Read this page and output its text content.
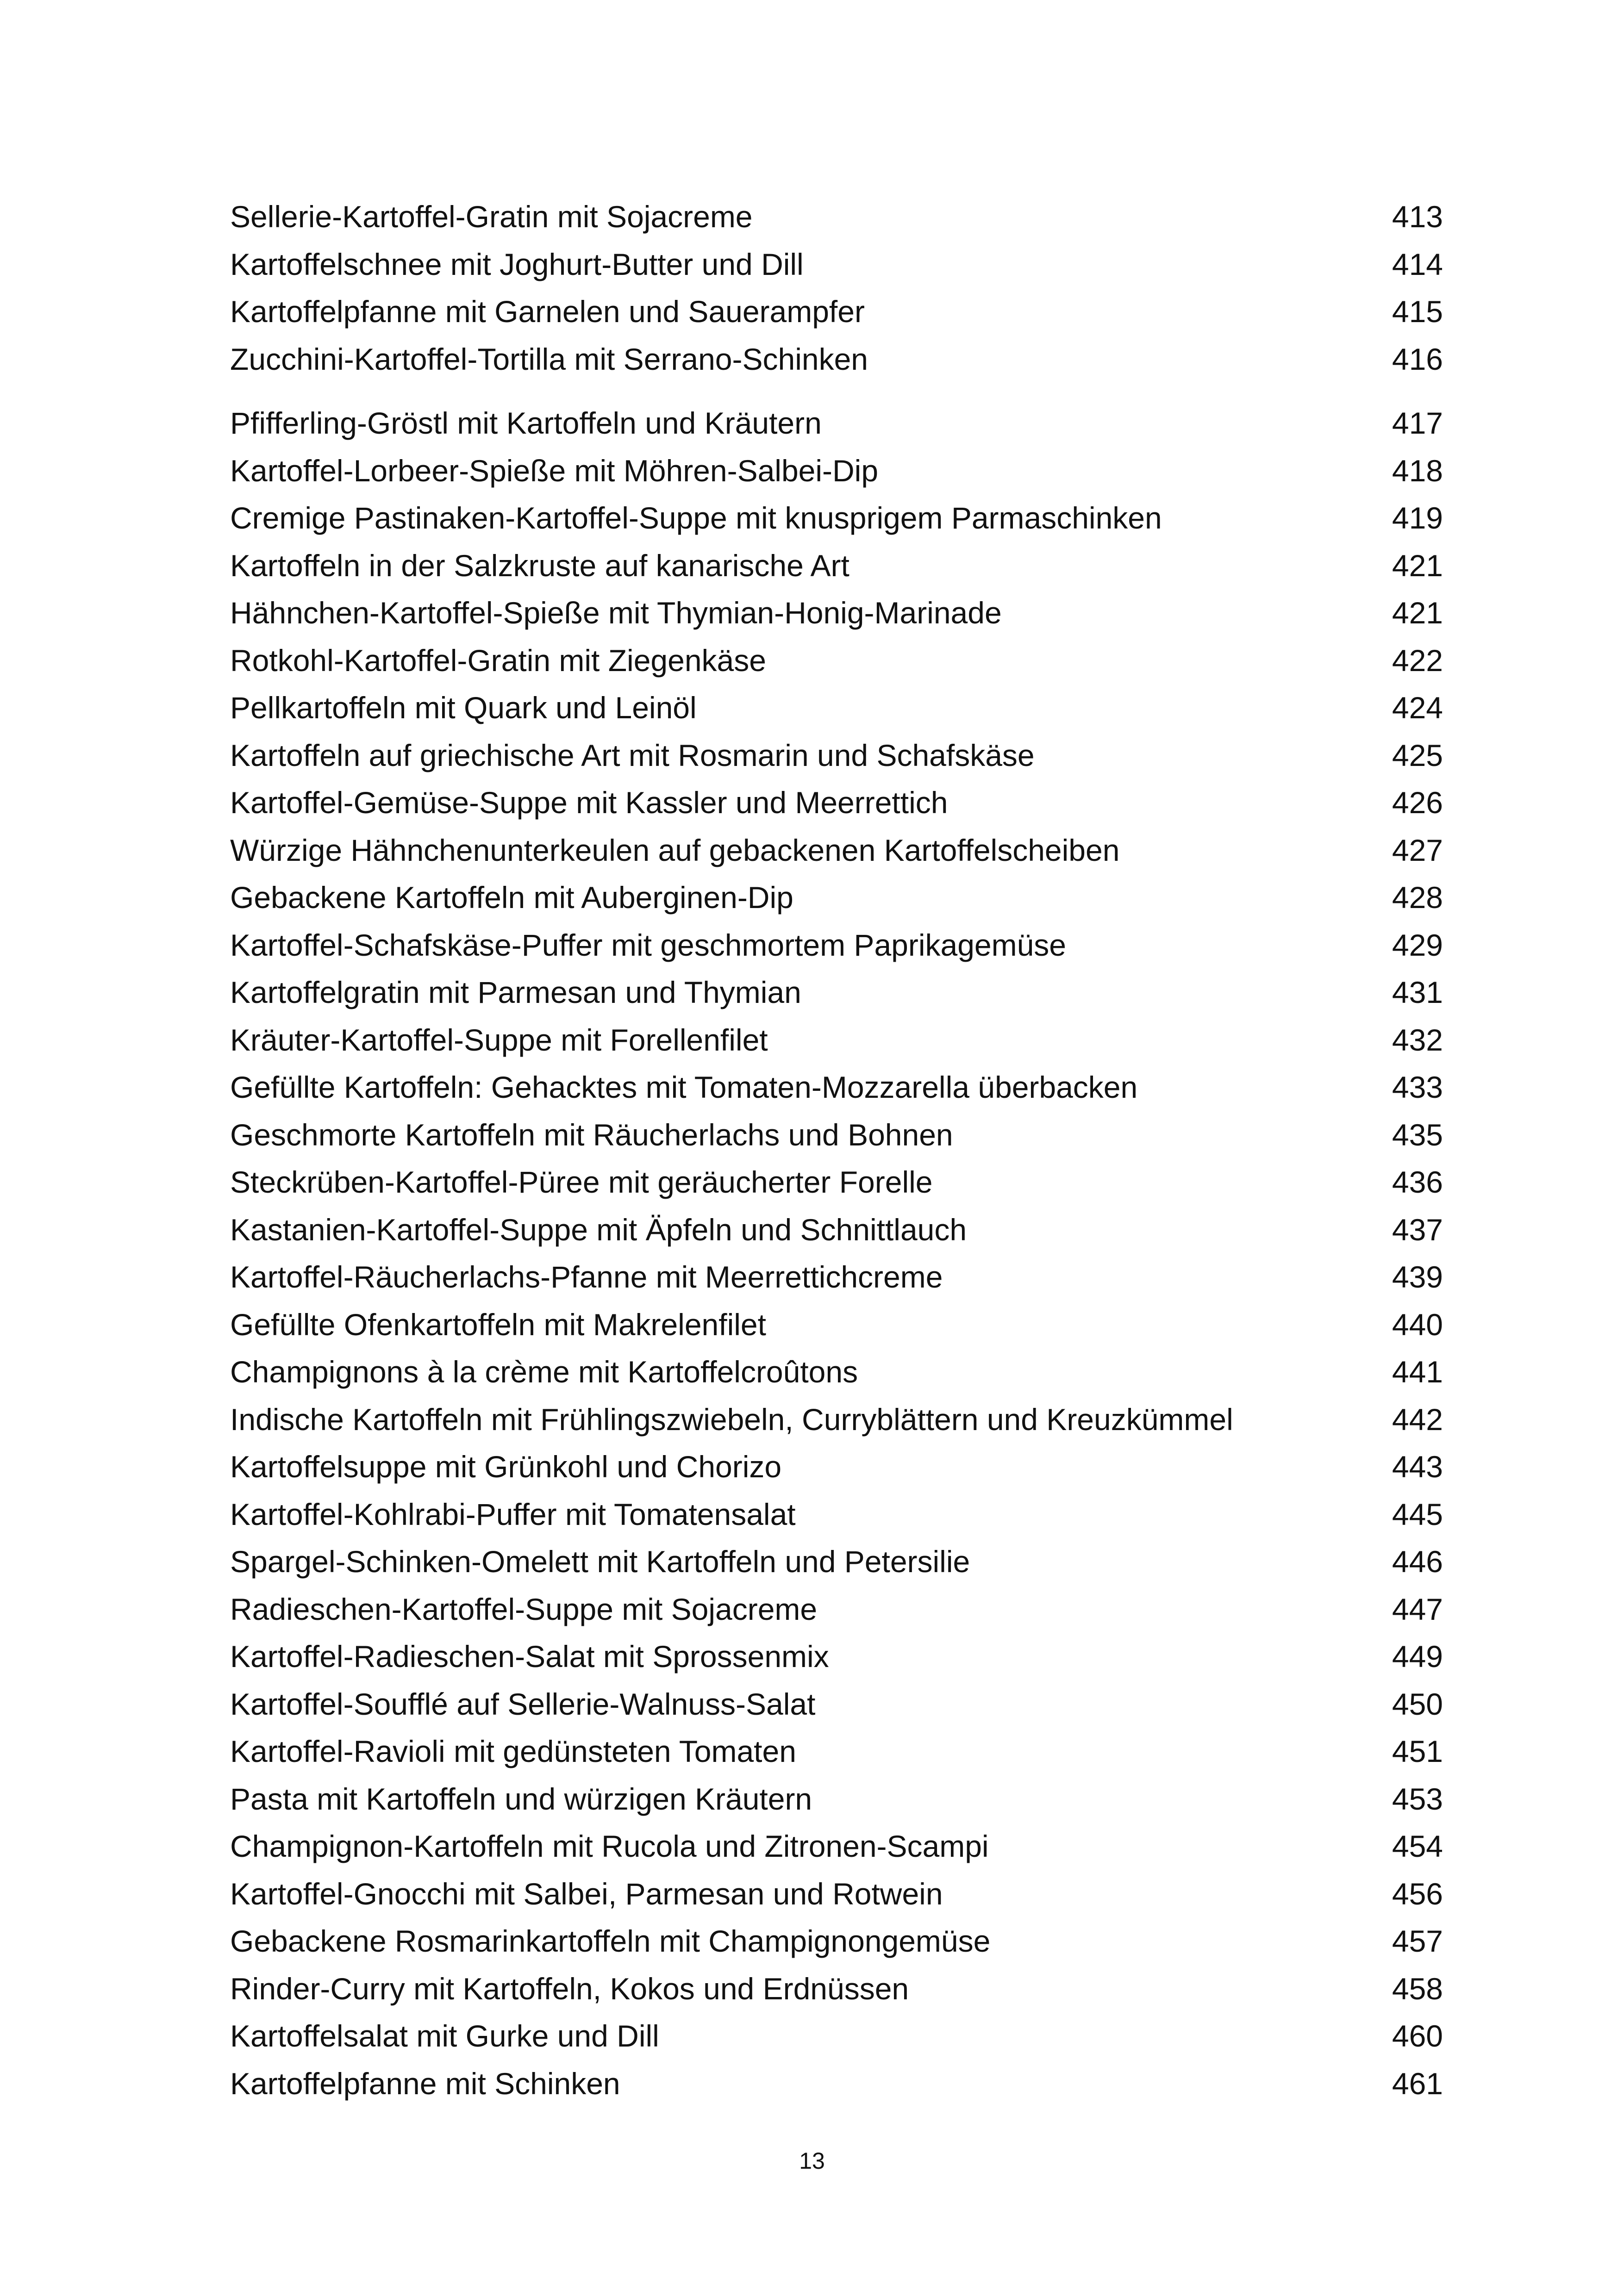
Sellerie-Kartoffel-Gratin mit Sojacreme	413
Kartoffelschnee mit Joghurt-Butter und Dill	414
Kartoffelpfanne mit Garnelen und Sauerampfer	415
Zucchini-Kartoffel-Tortilla mit Serrano-Schinken	416
Pfifferling-Gröstl mit Kartoffeln und Kräutern	417
Kartoffel-Lorbeer-Spieße mit Möhren-Salbei-Dip	418
Cremige Pastinaken-Kartoffel-Suppe mit knusprigem Parmaschinken	419
Kartoffeln in der Salzkruste auf kanarische Art	421
Hähnchen-Kartoffel-Spieße mit Thymian-Honig-Marinade	421
Rotkohl-Kartoffel-Gratin mit Ziegenkäse	422
Pellkartoffeln mit Quark und Leinöl	424
Kartoffeln auf griechische Art mit Rosmarin und Schafskäse	425
Kartoffel-Gemüse-Suppe mit Kassler und Meerrettich	426
Würzige Hähnchenunterkeulen auf gebackenen Kartoffelscheiben	427
Gebackene Kartoffeln mit Auberginen-Dip	428
Kartoffel-Schafskäse-Puffer mit geschmortem Paprikagemüse	429
Kartoffelgratin mit Parmesan und Thymian	431
Kräuter-Kartoffel-Suppe mit Forellenfilet	432
Gefüllte Kartoffeln: Gehacktes mit Tomaten-Mozzarella überbacken	433
Geschmorte Kartoffeln mit Räucherlachs und Bohnen	435
Steckrüben-Kartoffel-Püree mit geräucherter Forelle	436
Kastanien-Kartoffel-Suppe mit Äpfeln und Schnittlauch	437
Kartoffel-Räucherlachs-Pfanne mit Meerrettichcreme	439
Gefüllte Ofenkartoffeln mit Makrelenfilet	440
Champignons à la crème mit Kartoffelcroûtons	441
Indische Kartoffeln mit Frühlingszwiebeln, Curryblättern und Kreuzkümmel	442
Kartoffelsuppe mit Grünkohl und Chorizo	443
Kartoffel-Kohlrabi-Puffer mit Tomatensalat	445
Spargel-Schinken-Omelett mit Kartoffeln und Petersilie	446
Radieschen-Kartoffel-Suppe mit Sojacreme	447
Kartoffel-Radieschen-Salat mit Sprossenmix	449
Kartoffel-Soufflé auf Sellerie-Walnuss-Salat	450
Kartoffel-Ravioli mit gedünsteten Tomaten	451
Pasta mit Kartoffeln und würzigen Kräutern	453
Champignon-Kartoffeln mit Rucola und Zitronen-Scampi	454
Kartoffel-Gnocchi mit Salbei, Parmesan und Rotwein	456
Gebackene Rosmarinkartoffeln mit Champignongemüse	457
Rinder-Curry mit Kartoffeln, Kokos und Erdnüssen	458
Kartoffelsalat mit Gurke und Dill	460
Kartoffelpfanne mit Schinken	461
13
